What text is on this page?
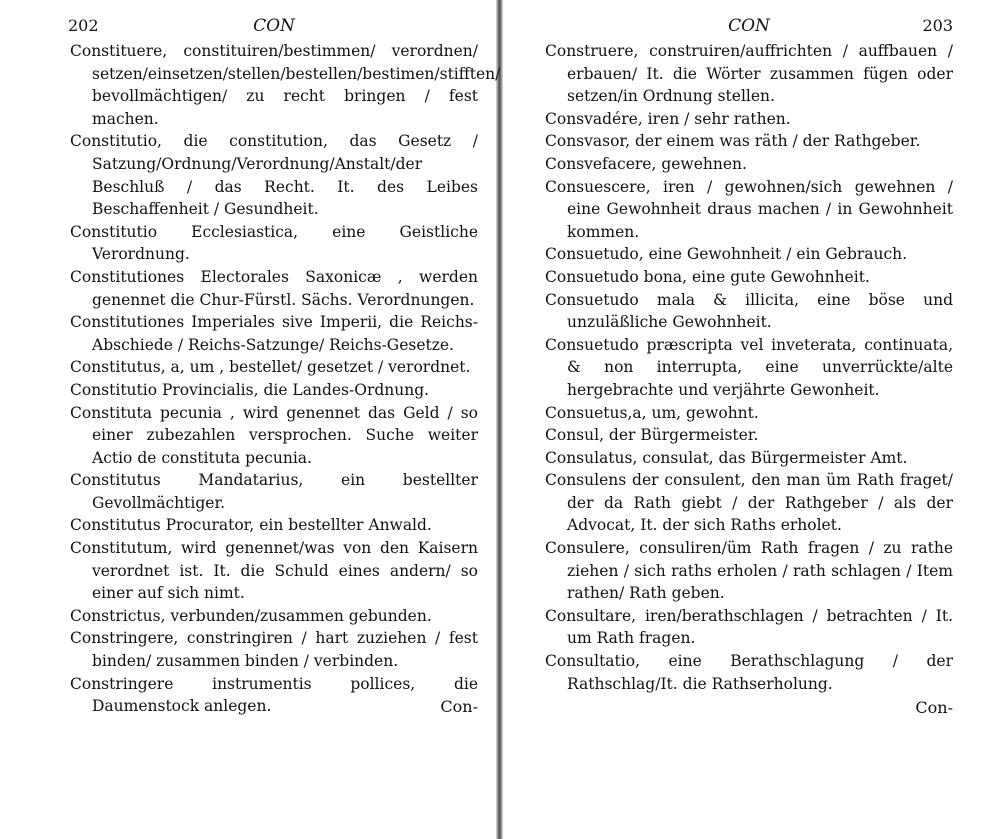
202	CON
Constituere, constituiren/bestimmen/ verordnen/ setzen/einsetzen/stellen/bestellen/bestimen/stifften/ bevollmächtigen/ zu recht bringen / fest machen.
Constitutio, die constitution, das Gesetz / Satzung/Ordnung/Verordnung/Anstalt/der Beschluß / das Recht. It. des Leibes Beschaffenheit / Gesundheit.
Constitutio Ecclesiastica, eine Geistliche Verordnung.
Constitutiones Electorales Saxonicæ , werden genennet die Chur-Fürstl. Sächs. Verordnungen.
Constitutiones Imperiales sive Imperii, die Reichs-Abschiede / Reichs-Satzunge/ Reichs-Gesetze.
Constitutus, a, um , bestellet/ gesetzet / verordnet.
Constitutio Provincialis, die Landes-Ordnung.
Constituta pecunia , wird genennet das Geld / so einer zubezahlen versprochen. Suche weiter Actio de constituta pecunia.
Constitutus Mandatarius, ein bestellter Gevollmächtiger.
Constitutus Procurator, ein bestellter Anwald.
Constitutum, wird genennet/was von den Kaisern verordnet ist. It. die Schuld eines andern/ so einer auf sich nimt.
Constrictus, verbunden/zusammen gebunden.
Constringere, constringiren / hart zuziehen / fest binden/ zusammen binden / verbinden.
Constringere instrumentis pollices, die Daumenstock anlegen.	Con-
CON	203
Construere, construiren/auffrichten / auffbauen / erbauen/ It. die Wörter zusammen fügen oder setzen/in Ordnung stellen.
Consvadére, iren / sehr rathen.
Consvasor, der einem was räth / der Rathgeber.
Consvefacere, gewehnen.
Consuescere, iren / gewohnen/sich gewehnen / eine Gewohnheit draus machen / in Gewohnheit kommen.
Consuetudo, eine Gewohnheit / ein Gebrauch.
Consuetudo bona, eine gute Gewohnheit.
Consuetudo mala & illicita, eine böse und unzuläßliche Gewohnheit.
Consuetudo præscripta vel inveterata, continuata, & non interrupta, eine unverrückte/alte hergebrachte und verjährte Gewonheit.
Consuetus,a, um, gewohnt.
Consul, der Bürgermeister.
Consulatus, consulat, das Bürgermeister Amt.
Consulens der consulent, den man üm Rath fraget/ der da Rath giebt / der Rathgeber / als der Advocat, It. der sich Raths erholet.
Consulere, consuliren/üm Rath fragen / zu rathe ziehen / sich raths erholen / rath schlagen / Item rathen/ Rath geben.
Consultare, iren/berathschlagen / betrachten / It. um Rath fragen.
Consultatio, eine Berathschlagung / der Rathschlag/It. die Rathserholung.
Con-
